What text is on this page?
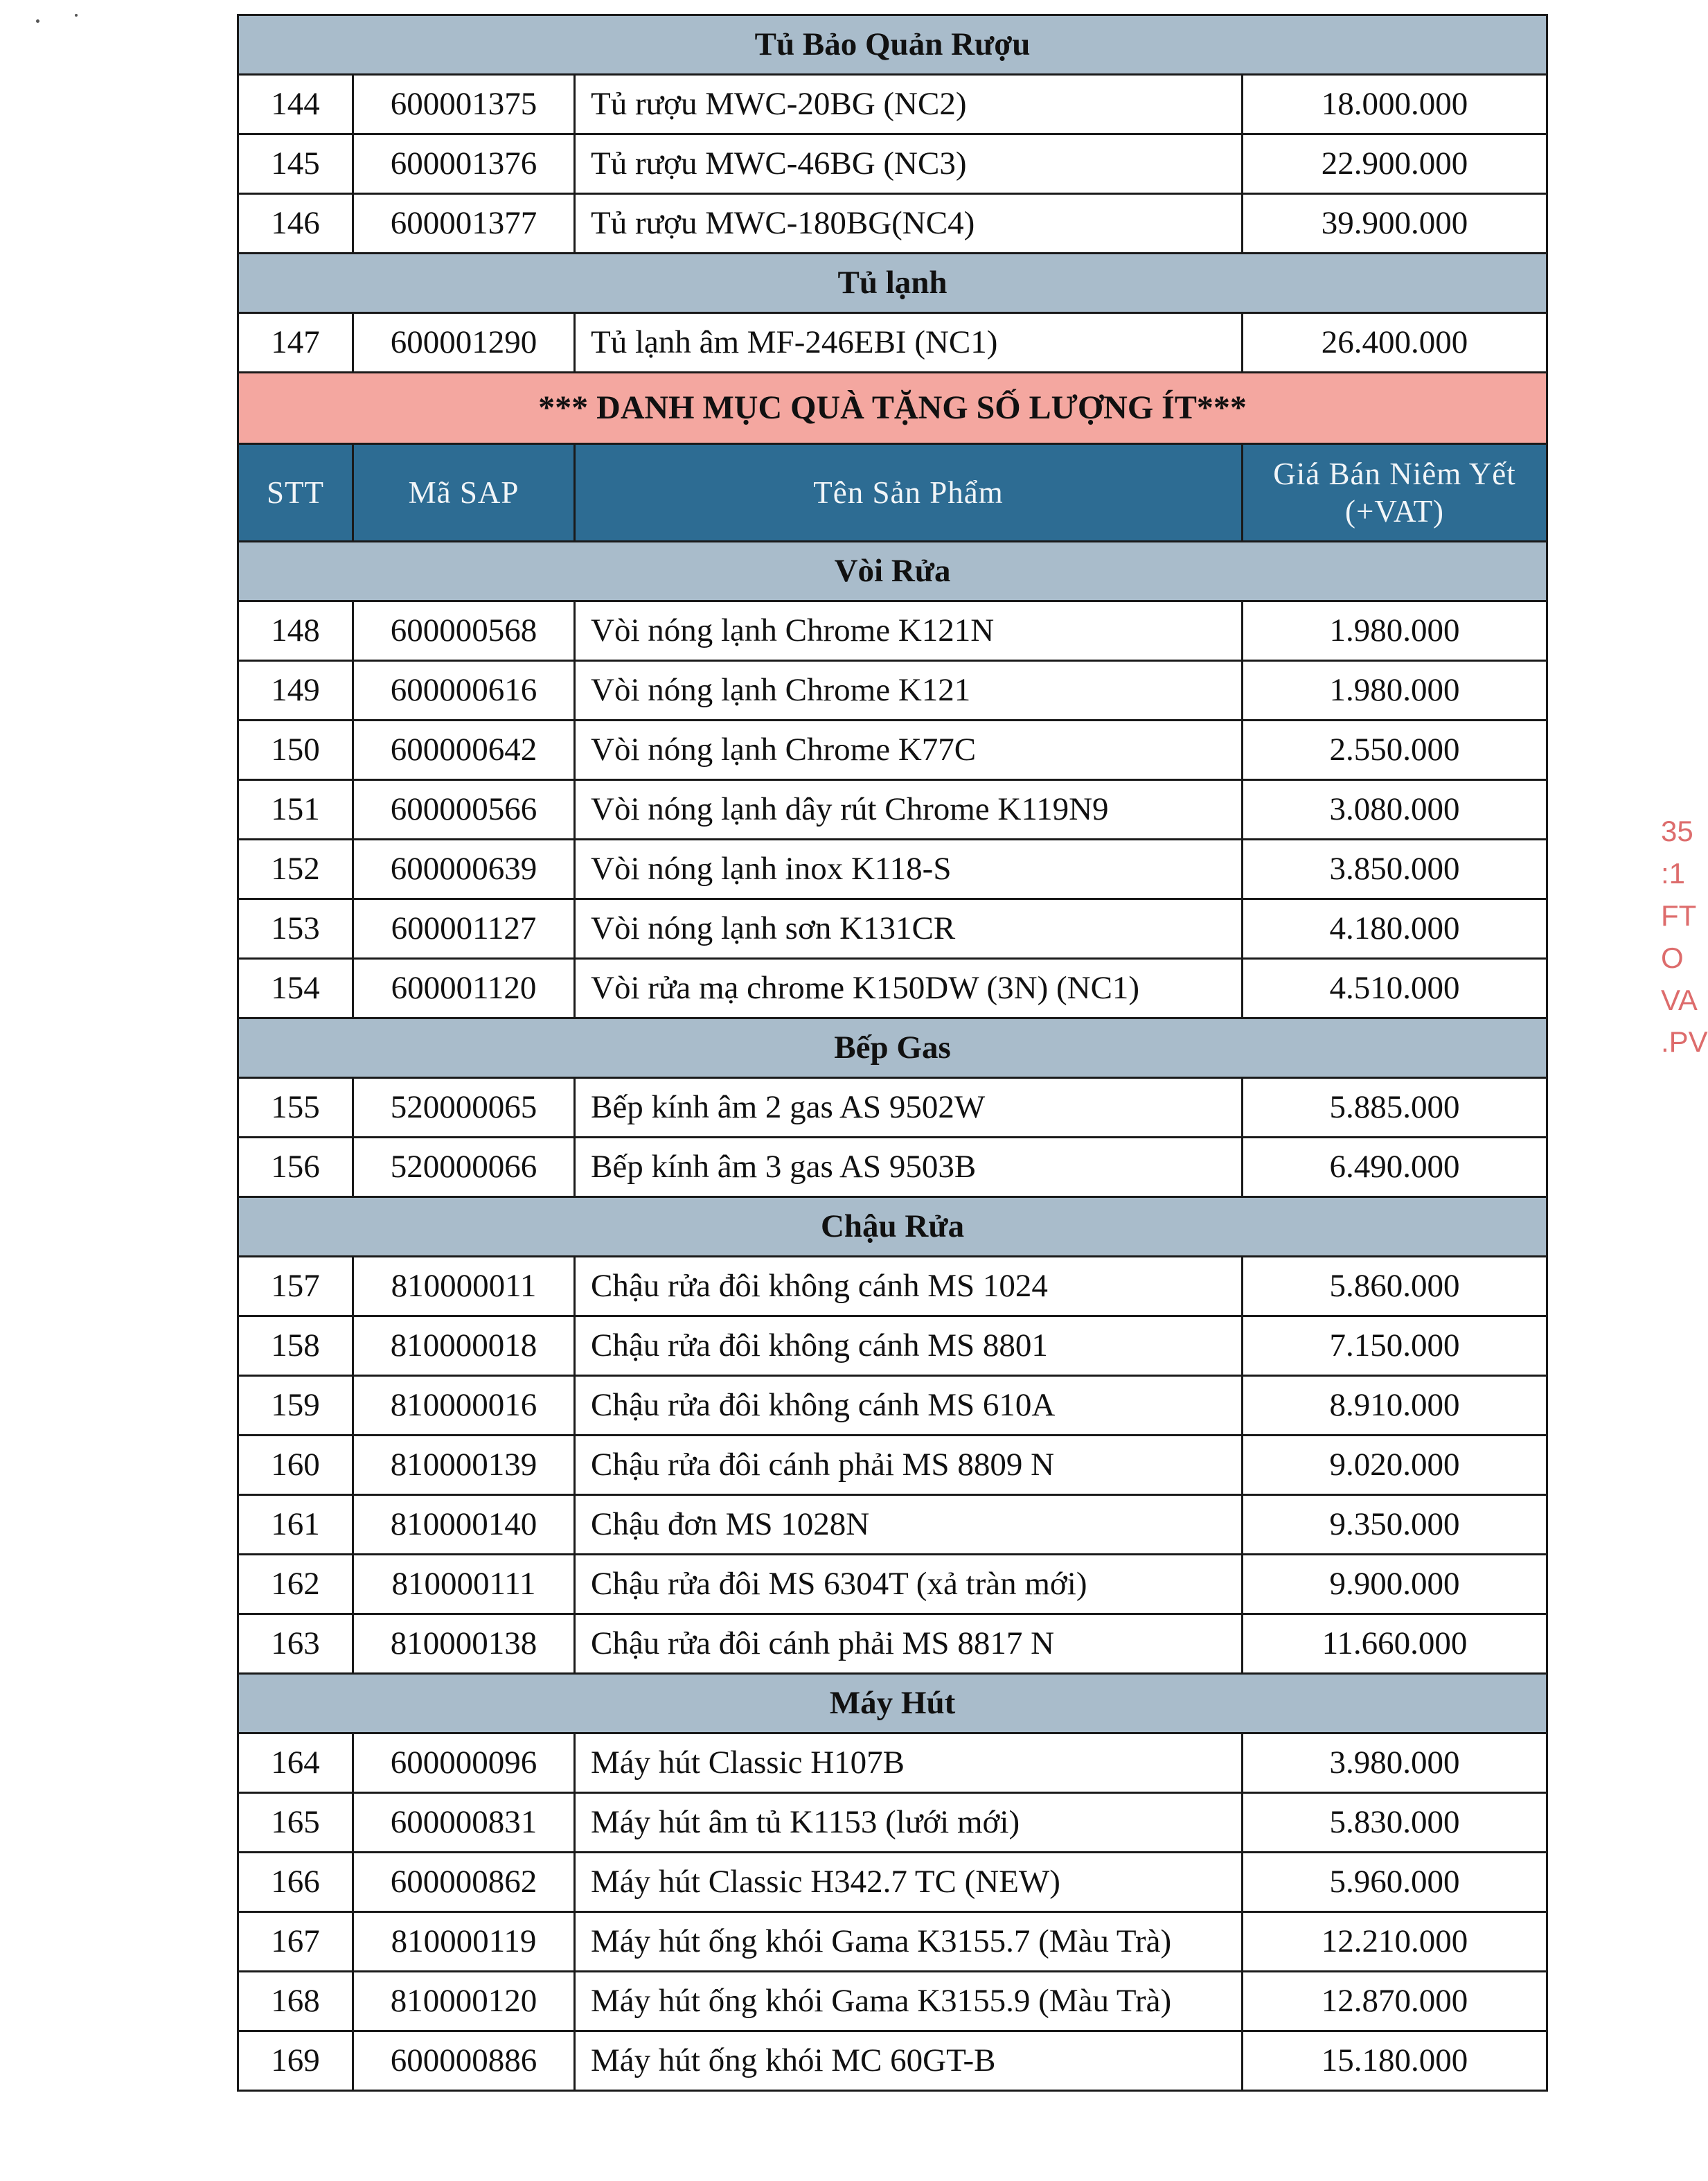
Tủ Bảo Quản Rượu			
144	600001375	Tủ rượu MWC-20BG (NC2)	18.000.000
145	600001376	Tủ rượu MWC-46BG (NC3)	22.900.000
146	600001377	Tủ rượu MWC-180BG(NC4)	39.900.000
Tủ lạnh			
147	600001290	Tủ lạnh âm MF-246EBI (NC1)	26.400.000
*** DANH MỤC QUÀ TẶNG SỐ LƯỢNG ÍT***			
STT	Mã SAP	Tên Sản Phẩm	Giá Bán Niêm Yết (+VAT)
Vòi Rửa			
148	600000568	Vòi nóng lạnh Chrome K121N	1.980.000
149	600000616	Vòi nóng lạnh Chrome K121	1.980.000
150	600000642	Vòi nóng lạnh Chrome K77C	2.550.000
151	600000566	Vòi nóng lạnh dây rút Chrome K119N9	3.080.000
152	600000639	Vòi nóng lạnh inox K118-S	3.850.000
153	600001127	Vòi nóng lạnh sơn K131CR	4.180.000
154	600001120	Vòi rửa mạ chrome K150DW (3N) (NC1)	4.510.000
Bếp Gas			
155	520000065	Bếp kính âm 2 gas AS 9502W	5.885.000
156	520000066	Bếp kính âm 3 gas AS 9503B	6.490.000
Chậu Rửa			
157	810000011	Chậu rửa đôi không cánh MS 1024	5.860.000
158	810000018	Chậu rửa đôi không cánh MS 8801	7.150.000
159	810000016	Chậu rửa đôi không cánh MS 610A	8.910.000
160	810000139	Chậu rửa đôi cánh phải MS 8809 N	9.020.000
161	810000140	Chậu đơn MS 1028N	9.350.000
162	810000111	Chậu rửa đôi MS 6304T (xả tràn mới)	9.900.000
163	810000138	Chậu rửa đôi cánh phải MS 8817 N	11.660.000
Máy Hút			
164	600000096	Máy hút Classic H107B	3.980.000
165	600000831	Máy hút âm tủ K1153 (lưới mới)	5.830.000
166	600000862	Máy hút Classic H342.7 TC (NEW)	5.960.000
167	810000119	Máy hút ống khói Gama K3155.7 (Màu Trà)	12.210.000
168	810000120	Máy hút ống khói Gama K3155.9 (Màu Trà)	12.870.000
169	600000886	Máy hút ống khói MC 60GT-B	15.180.000
35 :1 FT O VA .PV
